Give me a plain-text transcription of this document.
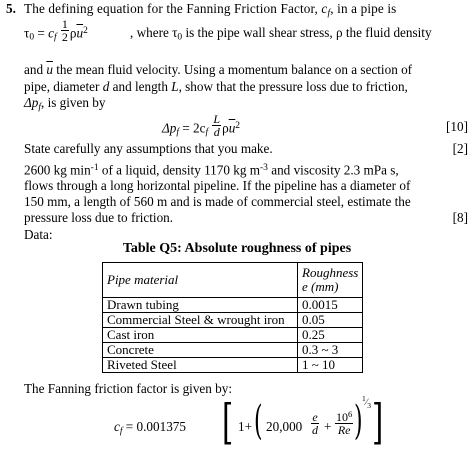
5. The defining equation for the Fanning Friction Factor, $c_f$, in a pipe is
$\tau_0 = c_f \frac{1}{2} \rho\overline{u}^2$	, where $\tau_0$ is the pipe wall shear stress, ρ the fluid density
and $\overline{u}$ the mean fluid velocity. Using a momentum balance on a section of
pipe, diameter d and length L, show that the pressure loss due to friction,
$\Delta p_f$, is given by
$\Delta p_f = 2c_f \frac{L}{d} \rho\overline{u}^2$	[10]
State carefully any assumptions that you make.	[2]
2600 kg $\min^{-1}$ of a liquid, density 1170 kg $m^{-3}$ and viscosity 2.3 mPa s,
flows through a long horizontal pipeline. If the pipeline has a diameter of
150 mm, a length of 560 m and is made of commercial steel, estimate the
pressure loss due to friction.	[8]
Data:
Table Q5: Absolute roughness of pipes
Pipe material	Roughness
e (mm)
Drawn tubing	0.0015
Commercial Steel & wrought iron	0.05
Cast iron	0.25
Concrete	0.3 ~ 3
Riveted Steel	1 ~ 10
The Fanning friction factor is given by:
$c_f = 0.001375$ [ 1+ ( $20,000 \frac{e}{d} + \frac{10^6}{Re}$ ) $^1⁄_3$ ]
